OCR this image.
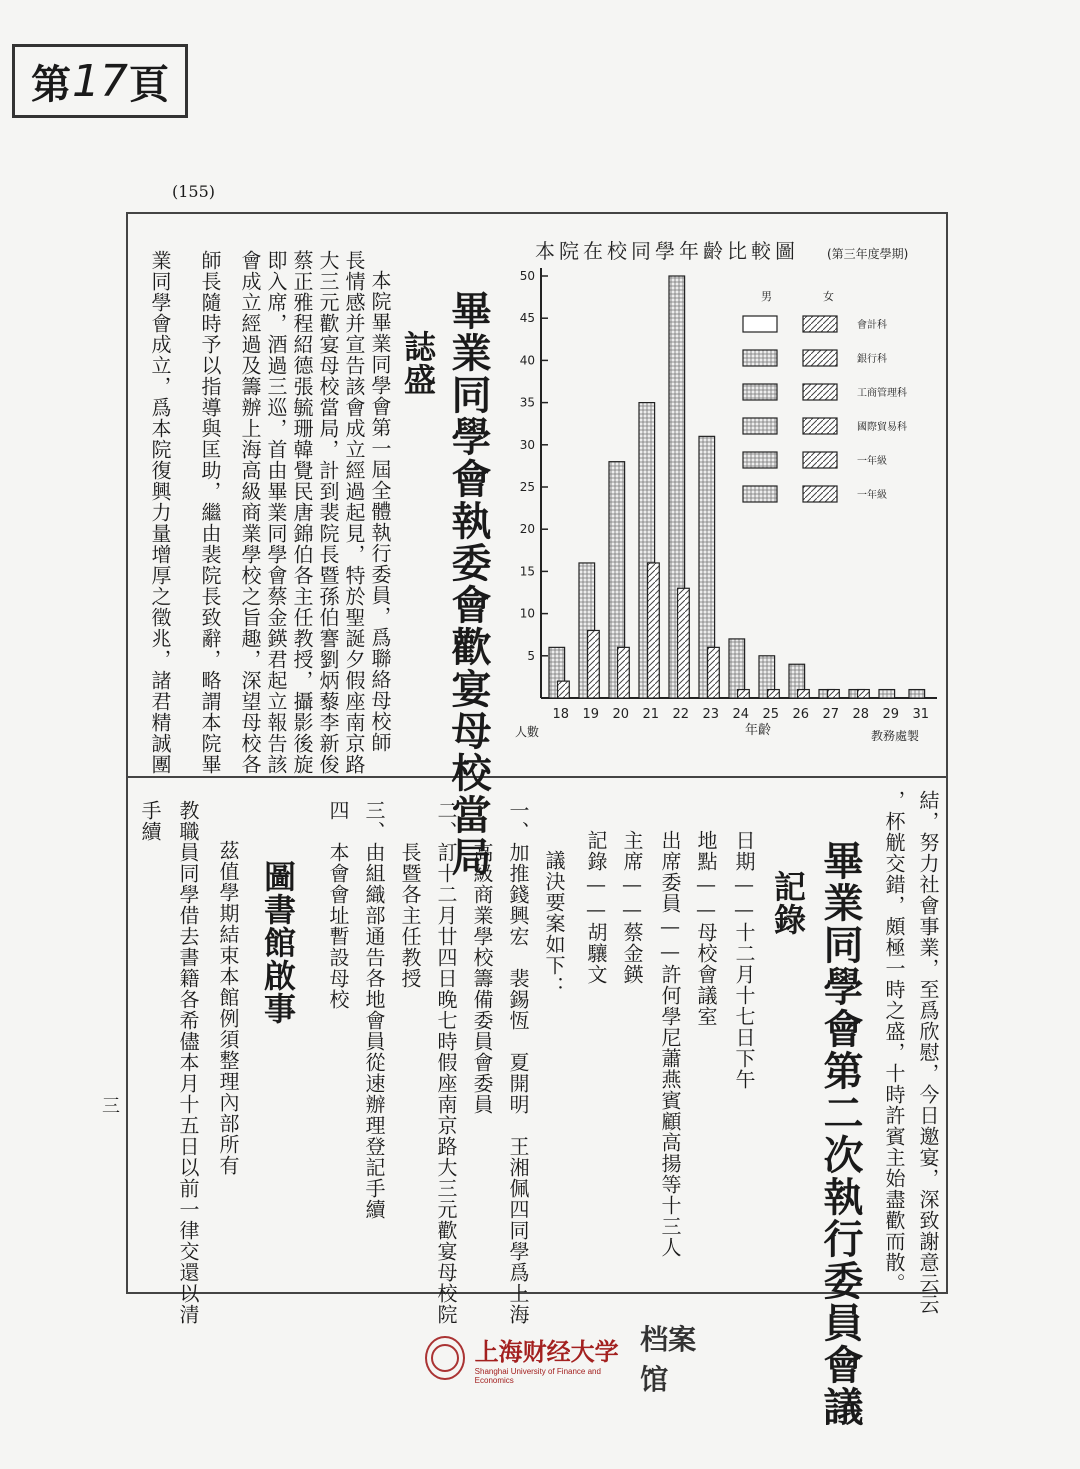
第 17 頁
(155)
畢業同學會執委會歡宴母校當局
誌盛
本院畢業同學會第一屆全體執行委員，爲聯絡母校師
長情感并宣告該會成立經過起見，特於聖誕夕假座南京路
大三元歡宴母校當局，計到裴院長暨孫伯謇劉炳藜李新俊
蔡正雅程紹德張毓珊韓覺民唐錦伯各主任教授，攝影後旋
即入席，酒過三巡，首由畢業同學會蔡金鍈君起立報告該
會成立經過及籌辦上海高級商業學校之旨趣，深望母校各
師長隨時予以指導與匡助，繼由裴院長致辭，略謂本院畢
業同學會成立，爲本院復興力量增厚之徵兆，諸君精誠團	本院在校同學年齡比較圖 (第三年度學期)
5
10
15
20
25
30
35
40
45
50
18 19 20 21 22 23 24 25 26 27 28 29 31
人數	年齡	教務處製
男	女
會計科
銀行科
工商管理科
國際貿易科
一年級
一年級
結，努力社會事業，至爲欣慰，今日邀宴，深致謝意云云
，杯觥交錯，頗極一時之盛，十時許賓主始盡歡而散。
畢業同學會第二次執行委員會議
記錄
日期——十二月十七日下午
地點——母校會議室
出席委員——許何學尼蕭燕賓顧高揚等十三人
主席——蔡金鍈
記錄——胡驤文
議決要案如下：
一、加推錢興宏　裴錫恆　夏開明　王湘佩四同學爲上海
　　高級商業學校籌備委員會委員
二、訂十二月廿四日晚七時假座南京路大三元歡宴母校院
　　長暨各主任教授
三、由組織部通告各地會員從速辦理登記手續
四　本會會址暫設母校
圖書館啟事
茲值學期結束本館例須整理內部所有
教職員同學借去書籍各希儘本月十五日以前一律交還以清
手續
三
上海财经大学
Shanghai University of Finance and Economics
档案馆
